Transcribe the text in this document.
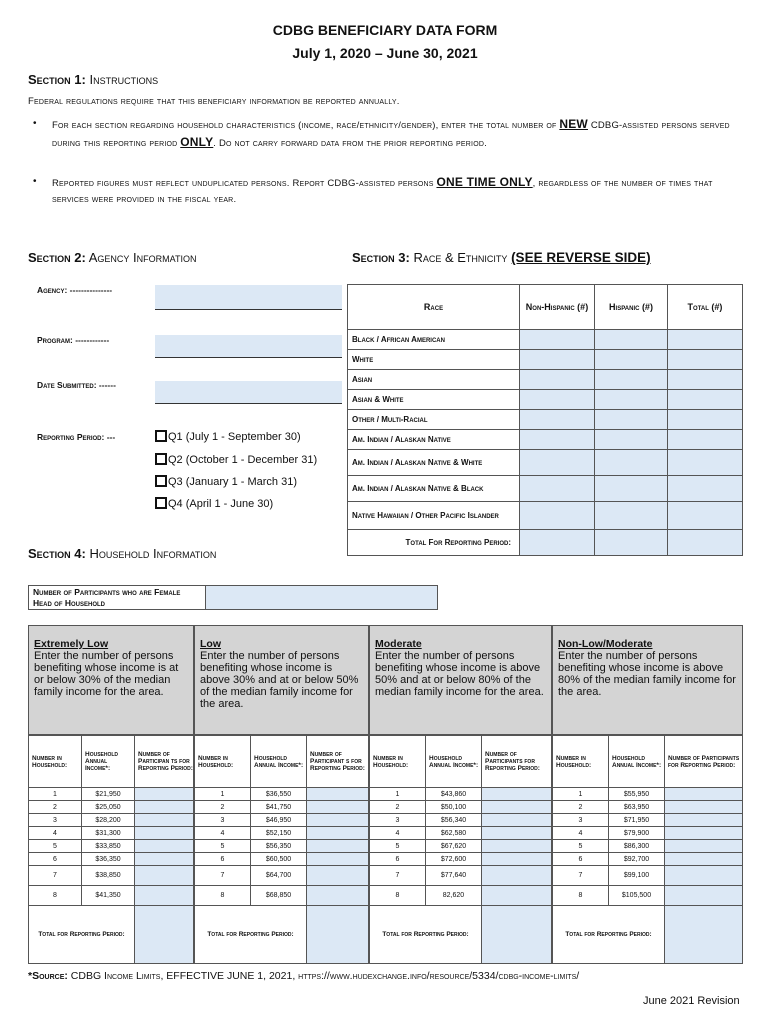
CDBG BENEFICIARY DATA FORM
July 1, 2020 – June 30, 2021
Section 1: Instructions
Federal regulations require that this beneficiary information be reported annually.
• For each section regarding household characteristics (income, race/ethnicity/gender), enter the total number of NEW CDBG-assisted persons served during this reporting period ONLY. Do not carry forward data from the prior reporting period.
• Reported figures must reflect unduplicated persons. Report CDBG-assisted persons ONE TIME ONLY, regardless of the number of times that services were provided in the fiscal year.
Section 2: Agency Information
Agency: ---------------
Program: ------------
Date Submitted: ------
Reporting Period: ---	Q1 (July 1 - September 30)
Q2 (October 1 - December 31)
Q3 (January 1 - March 31)
Q4 (April 1 - June 30)
Section 3: Race & Ethnicity (SEE REVERSE SIDE)
Race	Non-Hispanic (#)	Hispanic (#)	Total (#)
Black / African American			
White			
Asian			
Asian & White			
Other / Multi-Racial			
Am. Indian / Alaskan Native			
Am. Indian / Alaskan Native & White			
Am. Indian / Alaskan Native & Black			
Native Hawaiian / Other Pacific Islander			
Total For Reporting Period:			
Section 4: Household Information
Number of Participants who are Female Head of Household
Extremely Low
Enter the number of persons benefiting whose income is at or below 30% of the median family income for the area.
Number in Household:	Household Annual Income*:	Number of Participan ts for Reporting Period:
1	$21,950	
2	$25,050	
3	$28,200	
4	$31,300	
5	$33,850	
6	$36,350	
7	$38,850	
8	$41,350	
Total for Reporting Period:		
Low
Enter the number of persons benefiting whose income is above 30% and at or below 50% of the median family income for the area.
Number in Household:	Household Annual Income*:	Number of Participant s for Reporting Period:
1	$36,550	
2	$41,750	
3	$46,950	
4	$52,150	
5	$56,350	
6	$60,500	
7	$64,700	
8	$68,850	
Total for Reporting Period:		
Moderate
Enter the number of persons benefiting whose income is above 50% and at or below 80% of the median family income for the area.
Number in Household:	Household Annual Income*:	Number of Participants for Reporting Period:
1	$43,860	
2	$50,100	
3	$56,340	
4	$62,580	
5	$67,620	
6	$72,600	
7	$77,640	
8	82,620	
Total for Reporting Period:		
Non-Low/Moderate
Enter the number of persons benefiting whose income is above 80% of the median family income for the area.
Number in Household:	Household Annual Income*:	Number of Participants for Reporting Period:
1	$55,950	
2	$63,950	
3	$71,950	
4	$79,900	
5	$86,300	
6	$92,700	
7	$99,100	
8	$105,500	
Total for Reporting Period:		
*Source: CDBG Income Limits, EFFECTIVE JUNE 1, 2021, https://www.hudexchange.info/resource/5334/cdbg-income-limits/
June 2021 Revision
